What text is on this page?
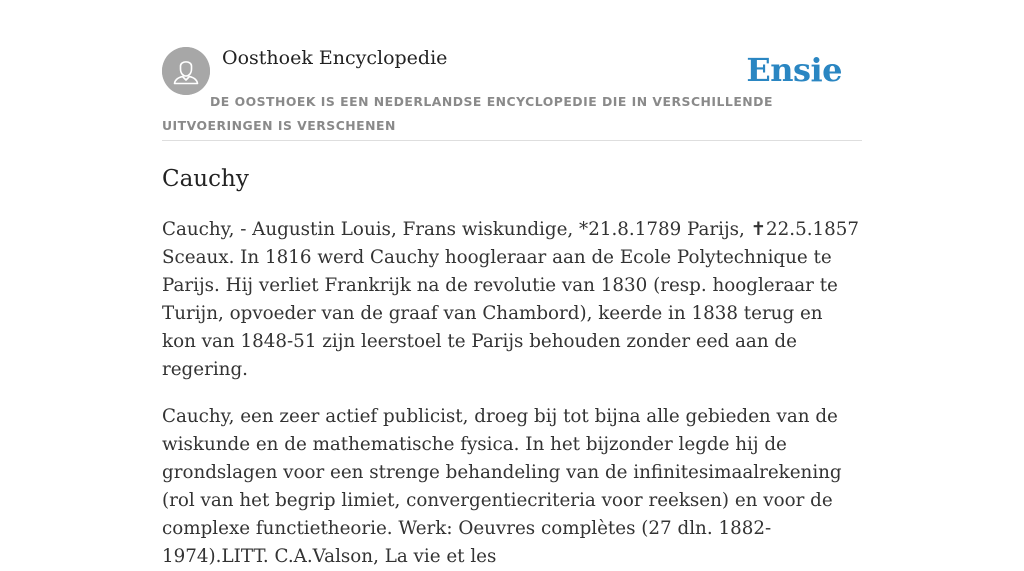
Oosthoek Encyclopedie	Ensie

DE OOSTHOEK IS EEN NEDERLANDSE ENCYCLOPEDIE DIE IN VERSCHILLENDE UITVOERINGEN IS VERSCHENEN

Cauchy

Cauchy, - Augustin Louis, Frans wiskundige, *21.8.1789 Parijs, ✝22.5.1857 Sceaux. In 1816 werd Cauchy hoogleraar aan de Ecole Polytechnique te Parijs. Hij verliet Frankrijk na de revolutie van 1830 (resp. hoogleraar te Turijn, opvoeder van de graaf van Chambord), keerde in 1838 terug en kon van 1848-51 zijn leerstoel te Parijs behouden zonder eed aan de regering.

Cauchy, een zeer actief publicist, droeg bij tot bijna alle gebieden van de wiskunde en de mathematische fysica. In het bijzonder legde hij de grondslagen voor een strenge behandeling van de infinitesimaalrekening (rol van het begrip limiet, convergentiecriteria voor reeksen) en voor de complexe functietheorie. Werk: Oeuvres complètes (27 dln. 1882-1974).LITT. C.A.Valson, La vie et les
